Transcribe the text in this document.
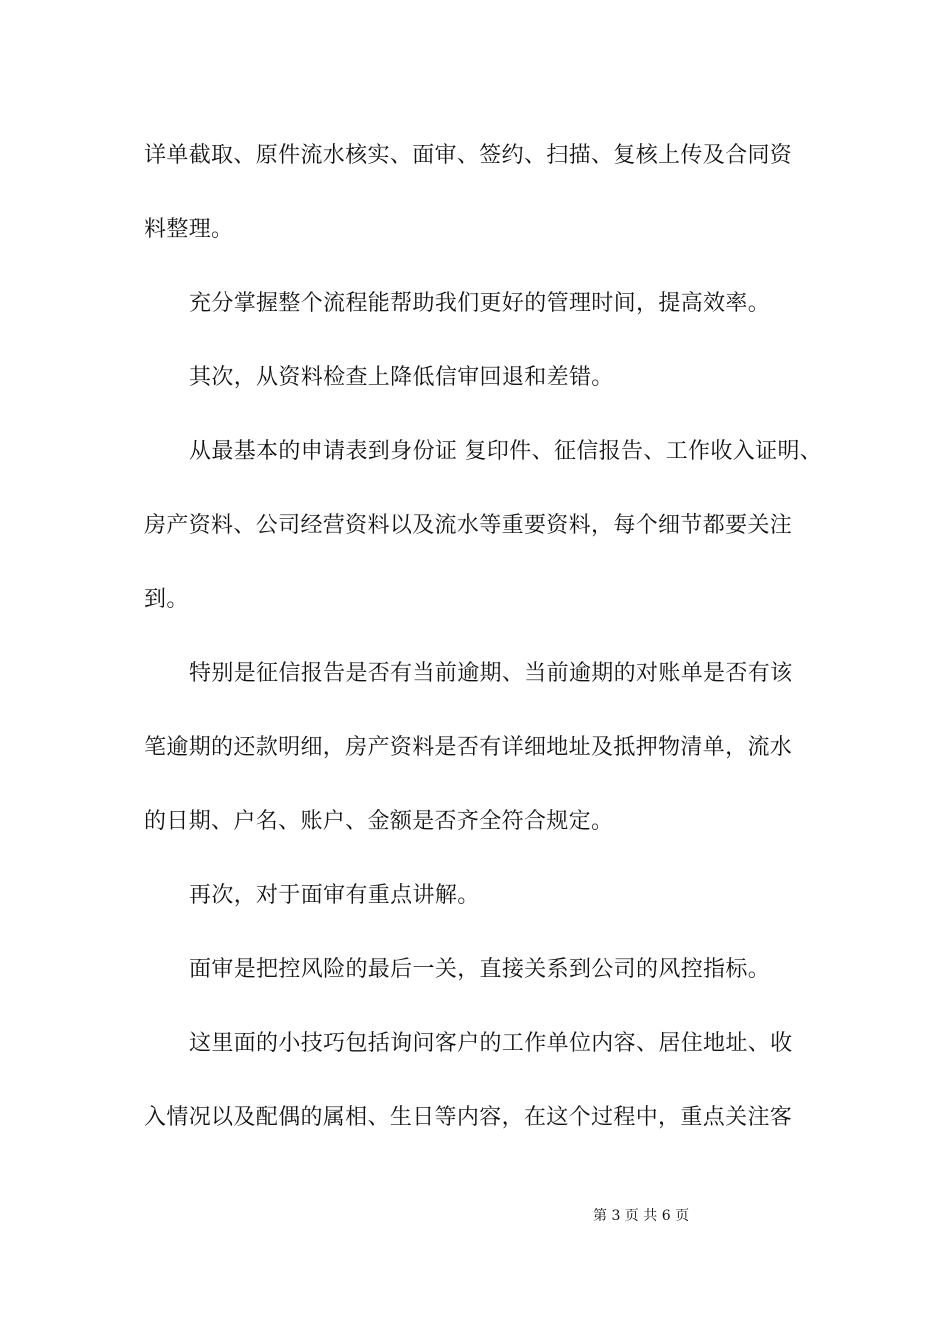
详单截取、原件流水核实、面审、签约、扫描、复核上传及合同资
料整理。
充分掌握整个流程能帮助我们更好的管理时间，提高效率。
其次，从资料检查上降低信审回退和差错。
从最基本的申请表到身份证 复印件、征信报告、工作收入证明、
房产资料、公司经营资料以及流水等重要资料，每个细节都要关注
到。
特别是征信报告是否有当前逾期、当前逾期的对账单是否有该
笔逾期的还款明细，房产资料是否有详细地址及抵押物清单，流水
的日期、户名、账户、金额是否齐全符合规定。
再次，对于面审有重点讲解。
面审是把控风险的最后一关，直接关系到公司的风控指标。
这里面的小技巧包括询问客户的工作单位内容、居住地址、收
入情况以及配偶的属相、生日等内容，在这个过程中，重点关注客
第 3 页 共 6 页
